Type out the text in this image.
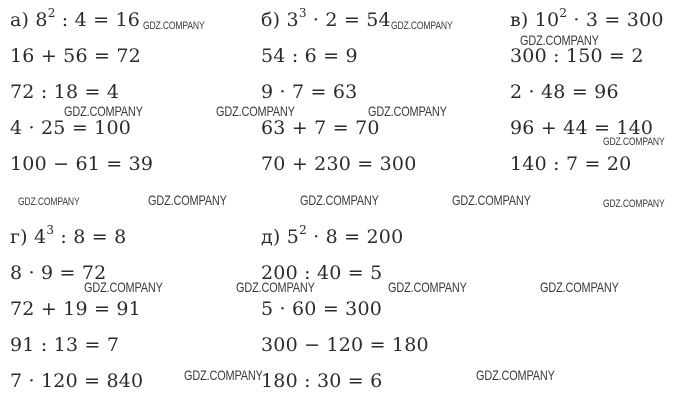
а) $8^2$ : 4 = 16
16 + 56 = 72
72 : 18 = 4
4 · 25 = 100
100 − 61 = 39
б) $3^3 \cdot 2 = 54$
54 : 6 = 9
9 · 7 = 63
63 + 7 = 70
70 + 230 = 300
в) $10^2 \cdot 3 = 300$
300 : 150 = 2
2 · 48 = 96
96 + 44 = 140
140 : 7 = 20
г) $4^3$ : 8 = 8
8 · 9 = 72
72 + 19 = 91
91 : 13 = 7
7 · 120 = 840
д) $5^2 \cdot 8 = 200$
200 : 40 = 5
5 · 60 = 300
300 − 120 = 180
180 : 30 = 6
GDZ.COMPANY	GDZ.COMPANY
GDZ.COMPANY
GDZ.COMPANY	GDZ.COMPANY	GDZ.COMPANY
GDZ.COMPANY
GDZ.COMPANY	GDZ.COMPANY	GDZ.COMPANY	GDZ.COMPANY	GDZ.COMPANY
GDZ.COMPANY	GDZ.COMPANY	GDZ.COMPANY	GDZ.COMPANY
GDZ.COMPANY	GDZ.COMPANY
